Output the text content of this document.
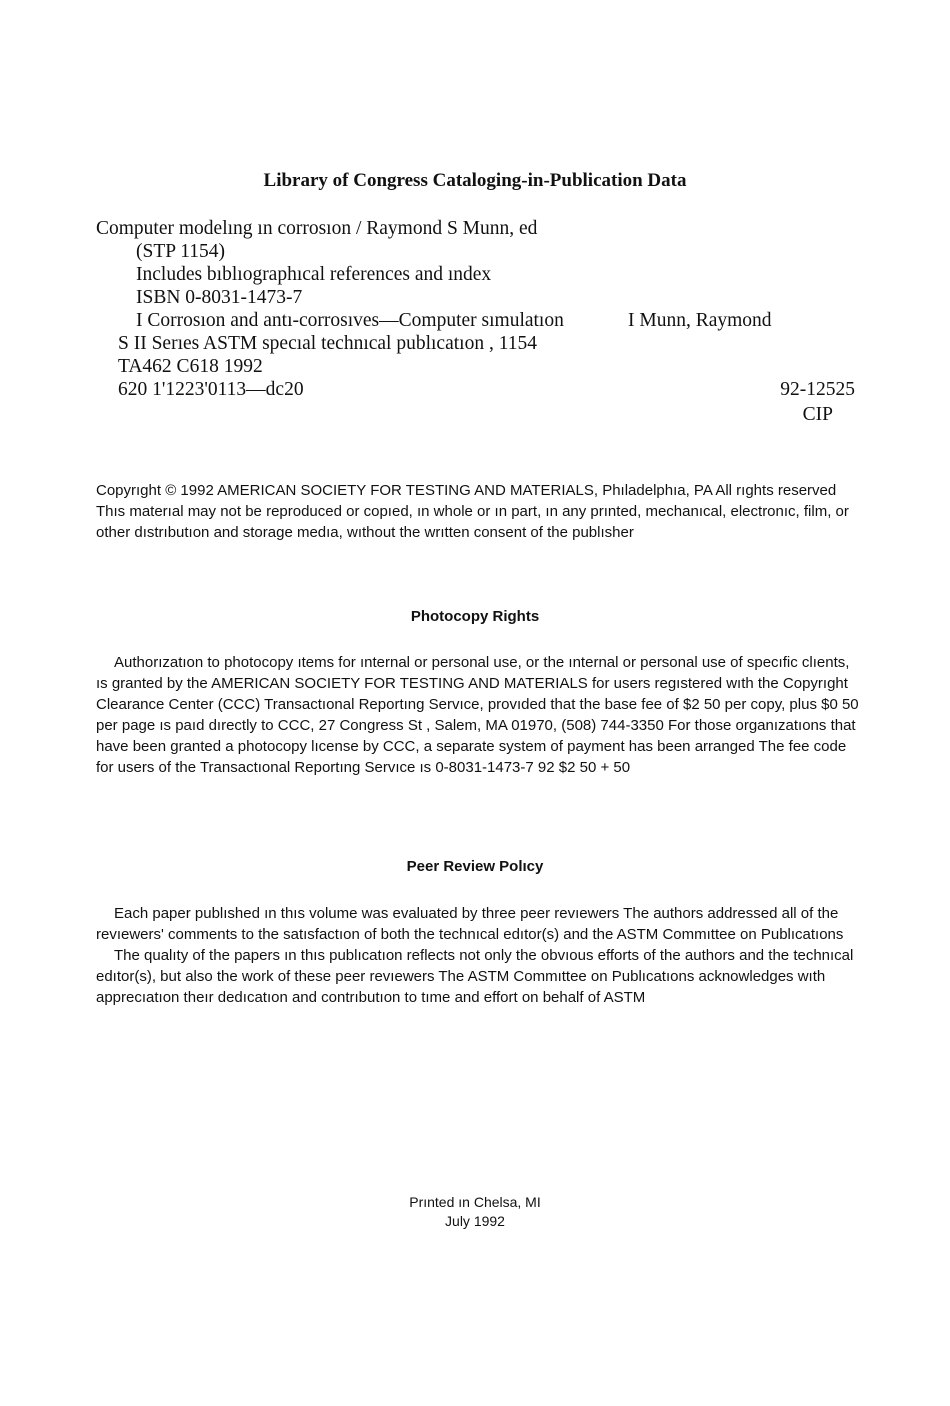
Library of Congress Cataloging-in-Publication Data
Computer modelıng ın corrosıon / Raymond S Munn, ed
(STP 1154)
Includes bıblıographıcal references and ındex
ISBN 0-8031-1473-7
I Corrosıon and antı-corrosıves—Computer sımulatıon	I Munn, Raymond
S II Serıes ASTM specıal technıcal publıcatıon , 1154
TA462 C618 1992
620 1'1223'0113—dc20	92-12525
CIP

Copyrıght © 1992 AMERICAN SOCIETY FOR TESTING AND MATERIALS, Phıladelphıa, PA All rıghts reserved Thıs materıal may not be reproduced or copıed, ın whole or ın part, ın any prınted, mechanıcal, electronıc, film, or other dıstrıbutıon and storage medıa, wıthout the wrıtten consent of the publısher

Photocopy Rights

Authorızatıon to photocopy ıtems for ınternal or personal use, or the ınternal or personal use of specıfic clıents, ıs granted by the AMERICAN SOCIETY FOR TESTING AND MATERIALS for users regıstered wıth the Copyrıght Clearance Center (CCC) Transactıonal Reportıng Servıce, provıded that the base fee of $2 50 per copy, plus $0 50 per page ıs paıd dırectly to CCC, 27 Congress St , Salem, MA 01970, (508) 744-3350 For those organızatıons that have been granted a photocopy lıcense by CCC, a separate system of payment has been arranged The fee code for users of the Transactıonal Reportıng Servıce ıs 0-8031-1473-7 92 $2 50 + 50

Peer Review Polıcy

Each paper publıshed ın thıs volume was evaluated by three peer revıewers The authors addressed all of the revıewers' comments to the satısfactıon of both the technıcal edıtor(s) and the ASTM Commıttee on Publıcatıons

The qualıty of the papers ın thıs publıcatıon reflects not only the obvıous efforts of the authors and the technıcal edıtor(s), but also the work of these peer revıewers The ASTM Commıttee on Publıcatıons acknowledges wıth apprecıatıon theır dedıcatıon and contrıbutıon to tıme and effort on behalf of ASTM

Prınted ın Chelsa, MI
July 1992
